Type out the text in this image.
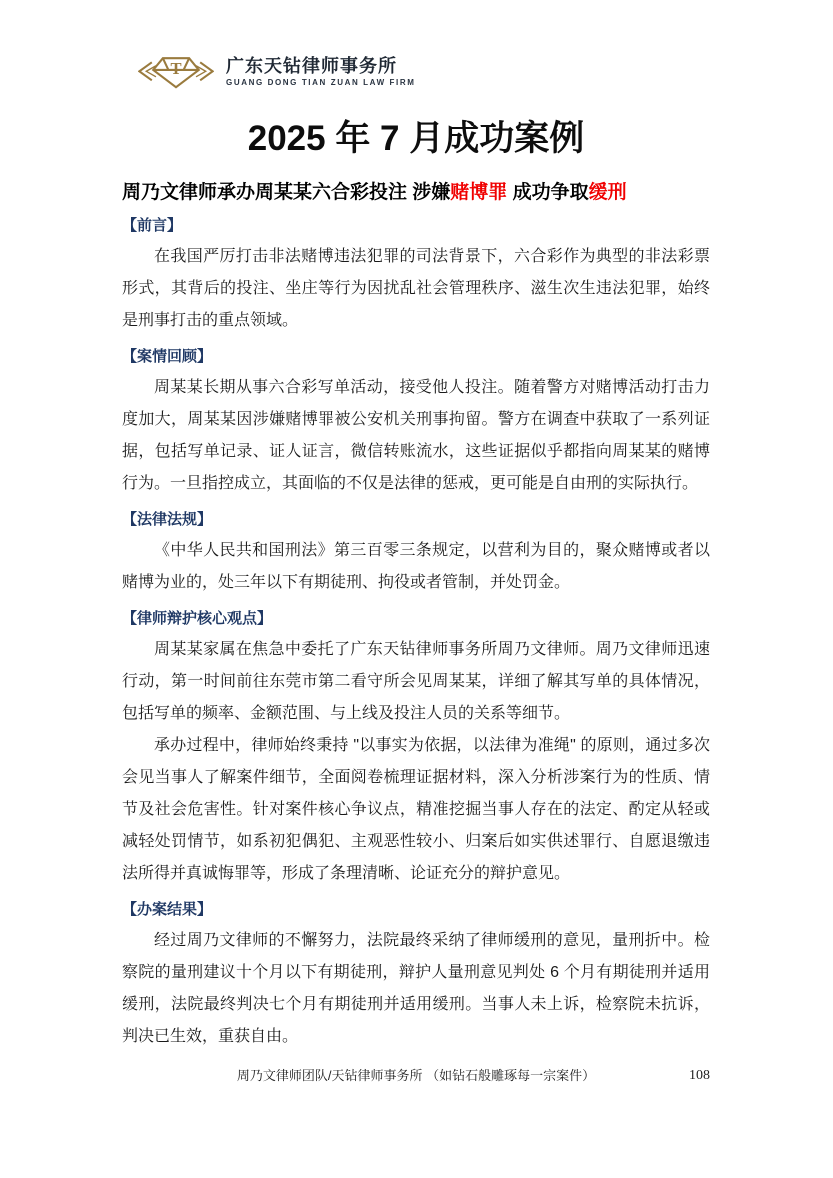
T 广东天钻律师事务所
GUANG DONG TIAN ZUAN LAW FIRM
2025 年 7 月成功案例
周乃文律师承办周某某六合彩投注 涉嫌赌博罪 成功争取缓刑
【前言】

在我国严厉打击非法赌博违法犯罪的司法背景下，六合彩作为典型的非法彩票形式，其背后的投注、坐庄等行为因扰乱社会管理秩序、滋生次生违法犯罪，始终是刑事打击的重点领域。

【案情回顾】

周某某长期从事六合彩写单活动，接受他人投注。随着警方对赌博活动打击力度加大，周某某因涉嫌赌博罪被公安机关刑事拘留。警方在调查中获取了一系列证据，包括写单记录、证人证言，微信转账流水，这些证据似乎都指向周某某的赌博行为。一旦指控成立，其面临的不仅是法律的惩戒，更可能是自由刑的实际执行。

【法律法规】

《中华人民共和国刑法》第三百零三条规定，以营利为目的，聚众赌博或者以赌博为业的，处三年以下有期徒刑、拘役或者管制，并处罚金。

【律师辩护核心观点】

周某某家属在焦急中委托了广东天钻律师事务所周乃文律师。周乃文律师迅速行动，第一时间前往东莞市第二看守所会见周某某，详细了解其写单的具体情况，包括写单的频率、金额范围、与上线及投注人员的关系等细节。

承办过程中，律师始终秉持 "以事实为依据，以法律为准绳" 的原则，通过多次会见当事人了解案件细节，全面阅卷梳理证据材料，深入分析涉案行为的性质、情节及社会危害性。针对案件核心争议点，精准挖掘当事人存在的法定、酌定从轻或减轻处罚情节，如系初犯偶犯、主观恶性较小、归案后如实供述罪行、自愿退缴违法所得并真诚悔罪等，形成了条理清晰、论证充分的辩护意见。

【办案结果】

经过周乃文律师的不懈努力，法院最终采纳了律师缓刑的意见，量刑折中。检察院的量刑建议十个月以下有期徒刑，辩护人量刑意见判处 6 个月有期徒刑并适用缓刑，法院最终判决七个月有期徒刑并适用缓刑。当事人未上诉，检察院未抗诉，判决已生效，重获自由。

周乃文律师团队/天钻律师事务所 （如钻石般雕琢每一宗案件）	108
